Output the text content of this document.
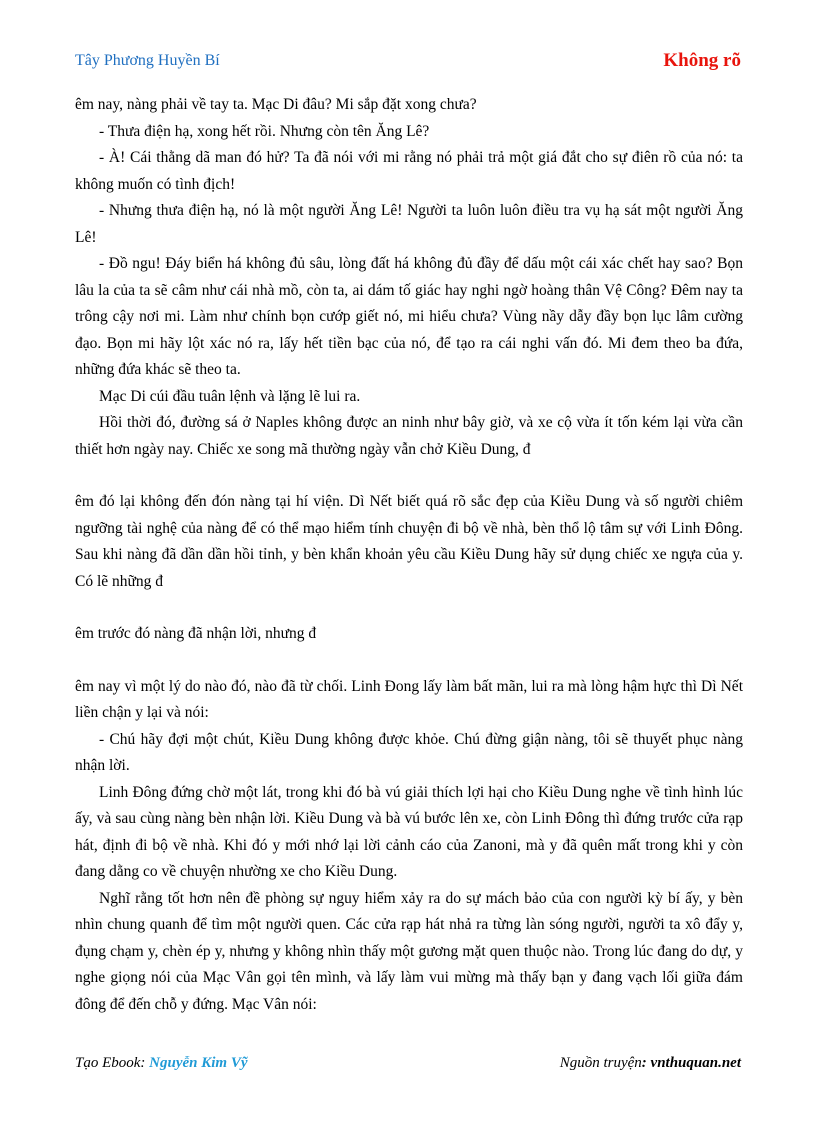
Tây Phương Huyền Bí	Không rõ

êm nay, nàng phải về tay ta. Mạc Di đâu? Mi sắp đặt xong chưa?

- Thưa điện hạ, xong hết rồi. Nhưng còn tên Ăng Lê?

- À! Cái thằng dã man đó hử? Ta đã nói với mi rằng nó phải trả một giá đắt cho sự điên rồ của nó: ta không muốn có tình địch!

- Nhưng thưa điện hạ, nó là một người Ăng Lê! Người ta luôn luôn điều tra vụ hạ sát một người Ăng Lê!

- Đồ ngu! Đáy biển há không đủ sâu, lòng đất há không đủ đầy để dấu một cái xác chết hay sao? Bọn lâu la của ta sẽ câm như cái nhà mồ, còn ta, ai dám tố giác hay nghi ngờ hoàng thân Vệ Công? Đêm nay ta trông cậy nơi mi. Làm như chính bọn cướp giết nó, mi hiểu chưa? Vùng nầy dẫy đầy bọn lục lâm cường đạo. Bọn mi hãy lột xác nó ra, lấy hết tiền bạc của nó, để tạo ra cái nghi vấn đó. Mi đem theo ba đứa, những đứa khác sẽ theo ta.

Mạc Di cúi đầu tuân lệnh và lặng lẽ lui ra.

Hồi thời đó, đường sá ở Naples không được an ninh như bây giờ, và xe cộ vừa ít tốn kém lại vừa cần thiết hơn ngày nay. Chiếc xe song mã thường ngày vẫn chở Kiều Dung, đ

êm đó lại không đến đón nàng tại hí viện. Dì Nết biết quá rõ sắc đẹp của Kiều Dung và số người chiêm ngưỡng tài nghệ của nàng để có thể mạo hiểm tính chuyện đi bộ về nhà, bèn thổ lộ tâm sự với Linh Đông. Sau khi nàng đã dần dần hồi tỉnh, y bèn khẩn khoản yêu cầu Kiều Dung hãy sử dụng chiếc xe ngựa của y. Có lẽ những đ

êm trước đó nàng đã nhận lời, nhưng đ

êm nay vì một lý do nào đó, nào đã từ chối. Linh Đong lấy làm bất mãn, lui ra mà lòng hậm hực thì Dì Nết liền chận y lại và nói:

- Chú hãy đợi một chút, Kiều Dung không được khỏe. Chú đừng giận nàng, tôi sẽ thuyết phục nàng nhận lời.

Linh Đông đứng chờ một lát, trong khi đó bà vú giải thích lợi hại cho Kiều Dung nghe về tình hình lúc ấy, và sau cùng nàng bèn nhận lời. Kiều Dung và bà vú bước lên xe, còn Linh Đông thì đứng trước cửa rạp hát, định đi bộ về nhà. Khi đó y mới nhớ lại lời cảnh cáo của Zanoni, mà y đã quên mất trong khi y còn đang dằng co về chuyện nhường xe cho Kiều Dung.

Nghĩ rằng tốt hơn nên đề phòng sự nguy hiểm xảy ra do sự mách bảo của con người kỳ bí ấy, y bèn nhìn chung quanh để tìm một người quen. Các cửa rạp hát nhả ra từng làn sóng người, người ta xô đẩy y, đụng chạm y, chèn ép y, nhưng y không nhìn thấy một gương mặt quen thuộc nào. Trong lúc đang do dự, y nghe giọng nói của Mạc Vân gọi tên mình, và lấy làm vui mừng mà thấy bạn y đang vạch lối giữa đám đông để đến chỗ y đứng. Mạc Vân nói:

Tạo Ebook: Nguyễn Kim Vỹ	Nguồn truyện: vnthuquan.net
